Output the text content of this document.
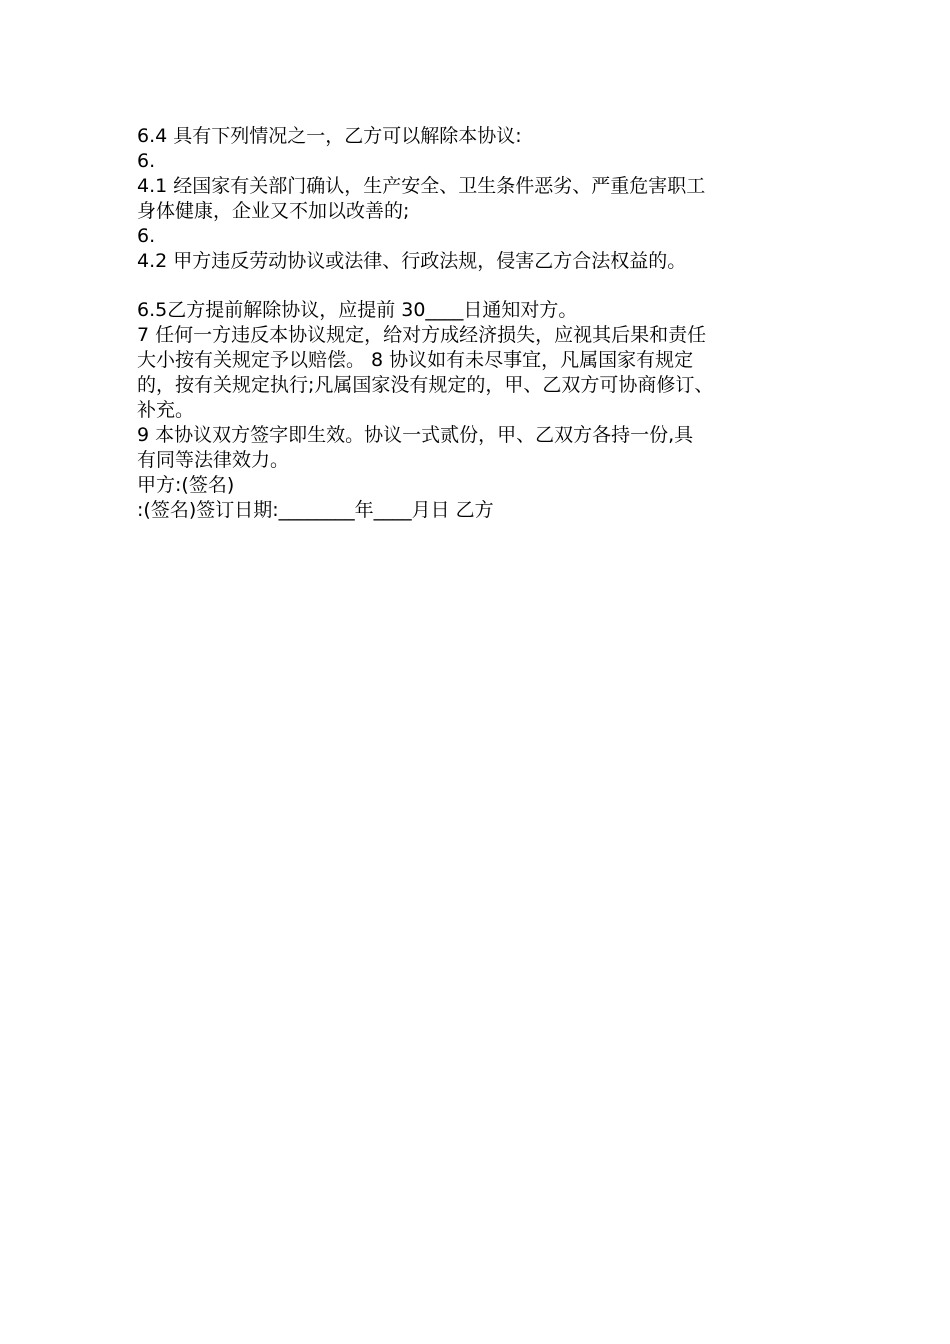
6.4 具有下列情况之一，乙方可以解除本协议:
6.
4.1 经国家有关部门确认，生产安全、卫生条件恶劣、严重危害职工
身体健康，企业又不加以改善的;
6.
4.2 甲方违反劳动协议或法律、行政法规，侵害乙方合法权益的。
6.5乙方提前解除协议，应提前 30____日通知对方。
7 任何一方违反本协议规定，给对方成经济损失，应视其后果和责任
大小按有关规定予以赔偿。 8 协议如有未尽事宜，凡属国家有规定
的，按有关规定执行;凡属国家没有规定的，甲、乙双方可协商修订、
补充。
9 本协议双方签字即生效。协议一式贰份，甲、乙双方各持一份,具
有同等法律效力。
甲方:(签名)
:(签名)签订日期:________年____月日 乙方
